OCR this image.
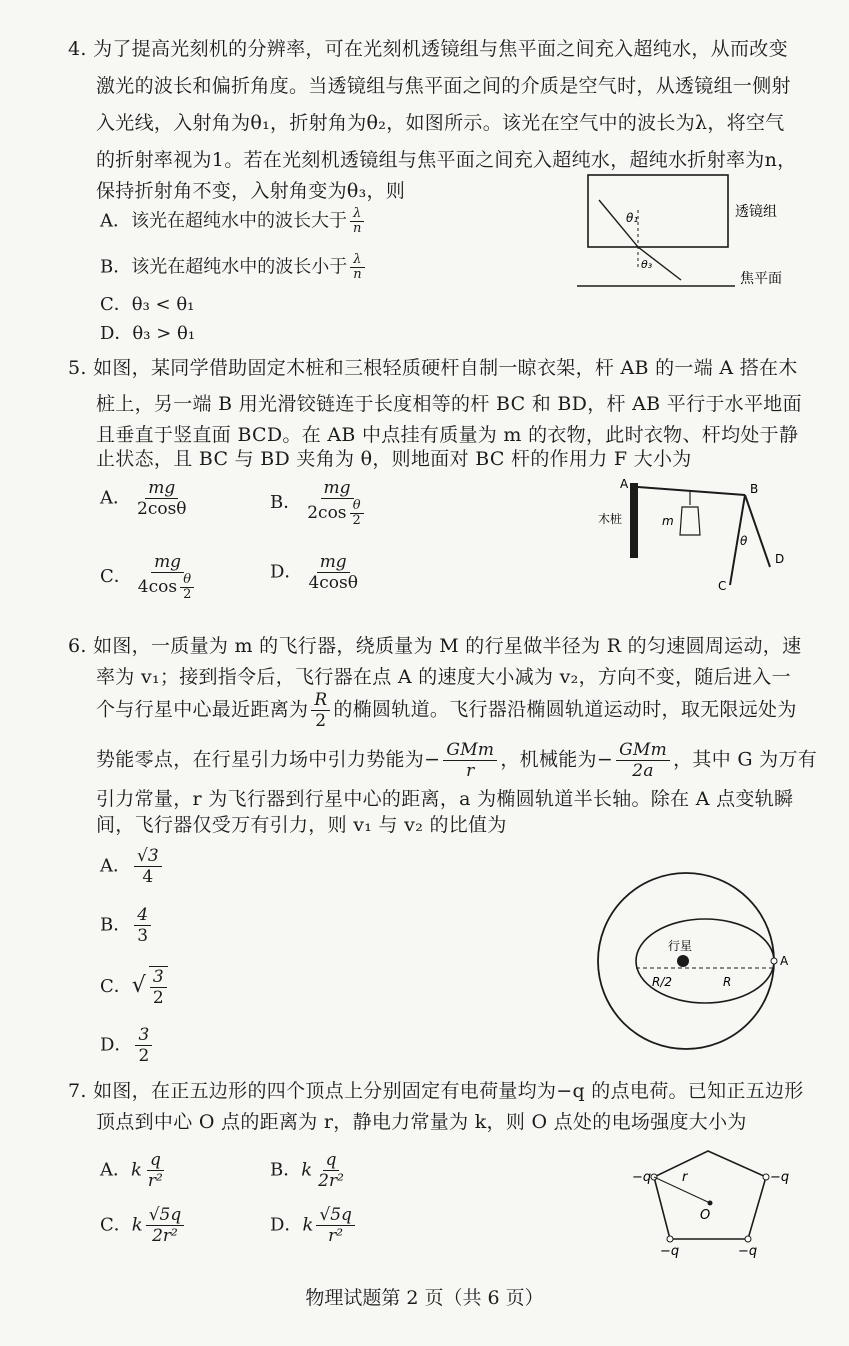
4. 为了提高光刻机的分辨率，可在光刻机透镜组与焦平面之间充入超纯水，从而改变
激光的波长和偏折角度。当透镜组与焦平面之间的介质是空气时，从透镜组一侧射
入光线，入射角为θ₁，折射角为θ₂，如图所示。该光在空气中的波长为λ，将空气
的折射率视为1。若在光刻机透镜组与焦平面之间充入超纯水，超纯水折射率为n，
保持折射角不变，入射角变为θ₃，则
A．该光在超纯水中的波长大于 $\frac{\lambda}{n}$
B．该光在超纯水中的波长小于 $\frac{\lambda}{n}$
C．θ₃ < θ₁
D．θ₃ > θ₁
θ₁
θ₃
透镜组
焦平面
5. 如图，某同学借助固定木桩和三根轻质硬杆自制一晾衣架，杆 AB 的一端 A 搭在木
桩上，另一端 B 用光滑铰链连于长度相等的杆 BC 和 BD，杆 AB 平行于水平地面
且垂直于竖直面 BCD。在 AB 中点挂有质量为 m 的衣物，此时衣物、杆均处于静
止状态，且 BC 与 BD 夹角为 θ，则地面对 BC 杆的作用力 F 大小为
A． $\frac{mg}{2\cos\theta}$	B． $\frac{mg}{2\cos \frac{\theta}{2}}$
C． $\frac{mg}{4\cos \frac{\theta}{2}}$	D． $\frac{mg}{4\cos\theta}$
A	B
C
D
木桩	m
θ
6. 如图，一质量为 m 的飞行器，绕质量为 M 的行星做半径为 R 的匀速圆周运动，速
率为 v₁；接到指令后，飞行器在点 A 的速度大小减为 v₂，方向不变，随后进入一
个与行星中心最近距离为 $\frac{R}{2}$ 的椭圆轨道。飞行器沿椭圆轨道运动时，取无限远处为
势能零点，在行星引力场中引力势能为− $\frac{\text{GMm}}{r}$ ，机械能为− $\frac{\text{GMm}}{2a}$ ，其中 G 为万有
引力常量，r 为飞行器到行星中心的距离，a 为椭圆轨道半长轴。除在 A 点变轨瞬
间，飞行器仅受万有引力，则 v₁ 与 v₂ 的比值为
A． $\frac{√3}{4}$
B． $\frac{4}{3}$
C．√ $\frac{3}{2}$
D． $\frac{3}{2}$
行星
R/2	R
A
7. 如图，在正五边形的四个顶点上分别固定有电荷量均为−q 的点电荷。已知正五边形
顶点到中心 O 点的距离为 r，静电力常量为 k，则 O 点处的电场强度大小为
A．k $\frac{q}{\text{r²}}$	B．k $\frac{q}{\text{2r²}}$
C．k $\frac{√5q}{\text{2r²}}$	D．k $\frac{√5q}{\text{r²}}$
−q	−q
−q	−q
r
O
物理试题第 2 页（共 6 页）
